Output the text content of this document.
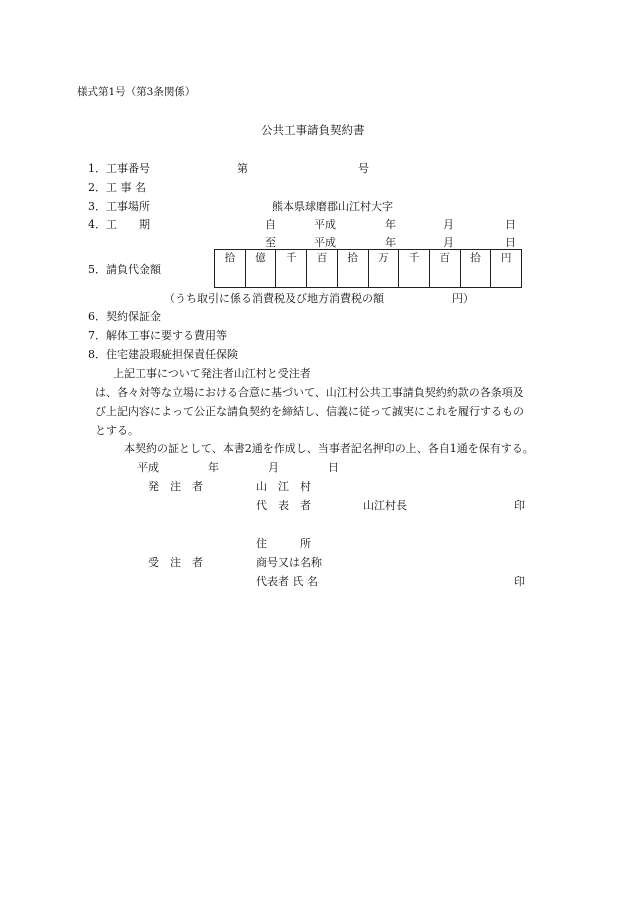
様式第1号（第3条関係）
公共工事請負契約書
1．工事番号	第	号
2．工 事 名
3．工事場所	熊本県球磨郡山江村大字
4．工　　期	自	平成	年	月	日
至	平成	年	月	日
5．請負代金額
拾	億	千	百	拾	万	千	百	拾	円
（うち取引に係る消費税及び地方消費税の額	円）
6．契約保証金
7．解体工事に要する費用等
8．住宅建設瑕疵担保責任保険
上記工事について発注者山江村と受注者
は、各々対等な立場における合意に基づいて、山江村公共工事請負契約約款の各条項及
び上記内容によって公正な請負契約を締結し、信義に従って誠実にこれを履行するもの
とする。
本契約の証として、本書2通を作成し、当事者記名押印の上、各自1通を保有する。
平成	年	月	日
発　注　者	山　江　村
代　表　者	山江村長	印
住　　　所
受　注　者	商号又は名称
代表者 氏 名	印
